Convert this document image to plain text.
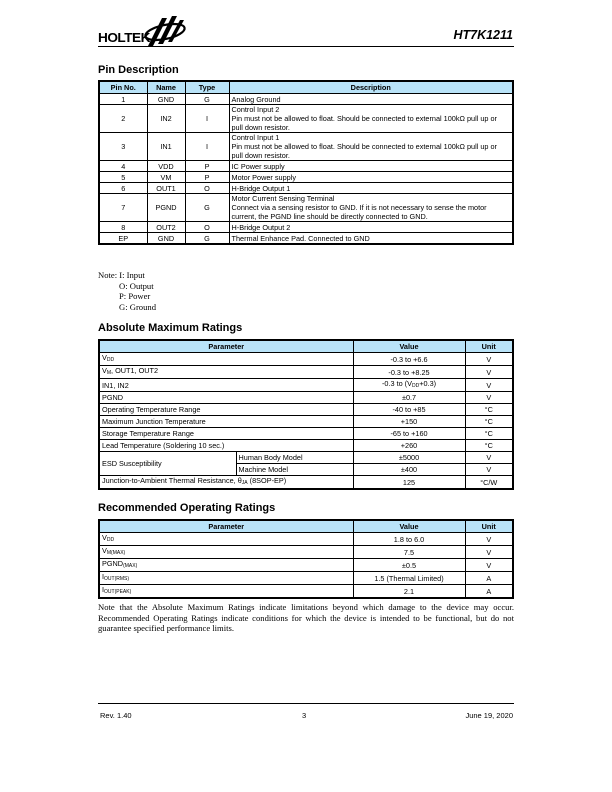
HOLTEK	HT7K1211
Pin Description
Pin No.	Name	Type	Description
1	GND	G	Analog Ground

2	IN2	I	Control Input 2
Pin must not be allowed to float. Should be connected to external 100kΩ pull up or pull down resistor.

3	IN1	I	Control Input 1
Pin must not be allowed to float. Should be connected to external 100kΩ pull up or pull down resistor.

4	VDD	P	IC Power supply

5	VM	P	Motor Power supply

6	OUT1	O	H-Bridge Output 1

7	PGND	G	Motor Current Sensing Terminal
Connect via a sensing resistor to GND. If it is not necessary to sense the motor current, the PGND line should be directly connected to GND.

8	OUT2	O	H-Bridge Output 2

EP	GND	G	Thermal Enhance Pad. Connected to GND
Note: I: Input
O: Output
P: Power
G: Ground
Absolute Maximum Ratings
Parameter		Value	Unit
$V_{DD}$		-0.3 to +6.6	V
$V_M$, OUT1, OUT2		-0.3 to +8.25	V
IN1, IN2		-0.3 to $(V_{DD}+0.3)$	V
PGND		±0.7	V
Operating Temperature Range		-40 to +85	°C
Maximum Junction Temperature		+150	°C
Storage Temperature Range		-65 to +160	°C
Lead Temperature (Soldering 10 sec.)		+260	°C
ESD Susceptibility	Human Body Model	±5000	V
	Machine Model	±400	V
Junction-to-Ambient Thermal Resistance, $\theta_{JA}$ (8SOP-EP)		125	°C/W
Recommended Operating Ratings
Parameter	Value	Unit
$V_{DD}$	1.8 to 6.0	V
$V_{M(MAX)}$	7.5	V
$PGND_{(MAX)}$	±0.5	V
$I_{OUT(RMS)}$	1.5 (Thermal Limited)	A
$I_{OUT(PEAK)}$	2.1	A
Note that the Absolute Maximum Ratings indicate limitations beyond which damage to the device may occur. Recommended Operating Ratings indicate conditions for which the device is intended to be functional, but do not guarantee specified performance limits.
Rev. 1.40	3	June 19, 2020
